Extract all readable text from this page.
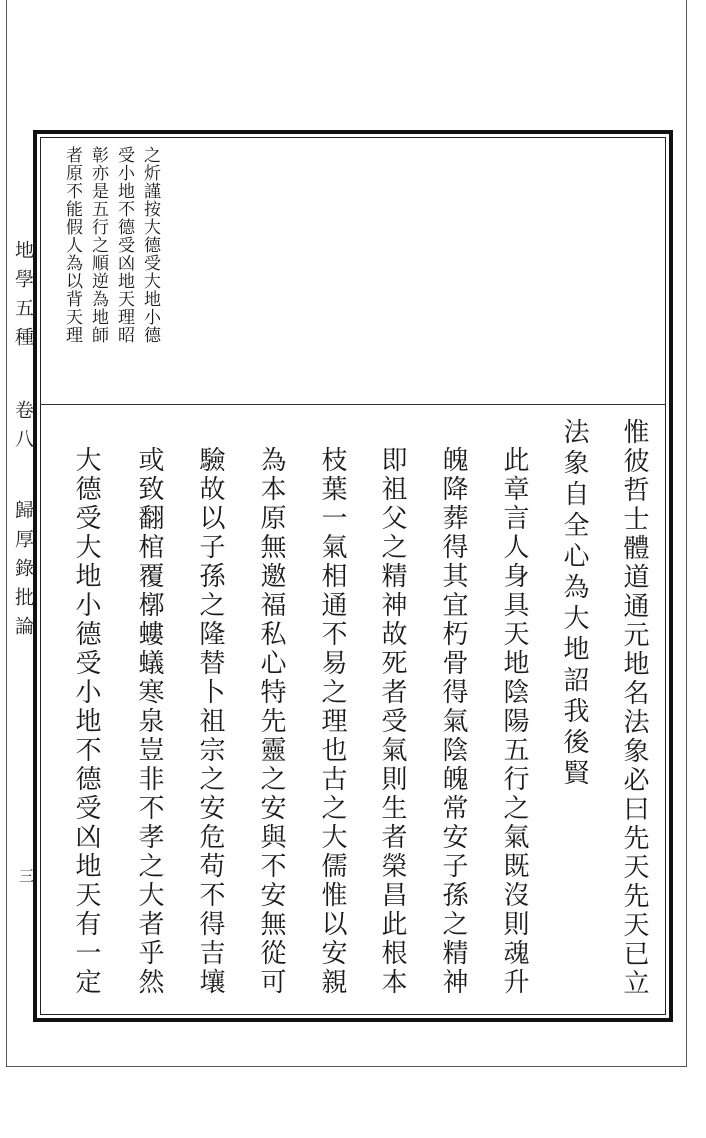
地學五種
卷八
歸厚錄批論
三
之炘謹按大德受大地小德
受小地不德受凶地天理昭
彰亦是五行之順逆為地師
者原不能假人為以背天理
惟彼哲士體道通元地名法象必曰先天先天已立
法象自全心為大地詔我後賢
此章言人身具天地陰陽五行之氣既沒則魂升
魄降葬得其宜朽骨得氣陰魄常安子孫之精神
即祖父之精神故死者受氣則生者榮昌此根本
枝葉一氣相通不易之理也古之大儒惟以安親
為本原無邀福私心特先靈之安與不安無從可
驗故以子孫之隆替卜祖宗之安危苟不得吉壤
或致翻棺覆槨螻蟻寒泉豈非不孝之大者乎然
大德受大地小德受小地不德受凶地天有一定
